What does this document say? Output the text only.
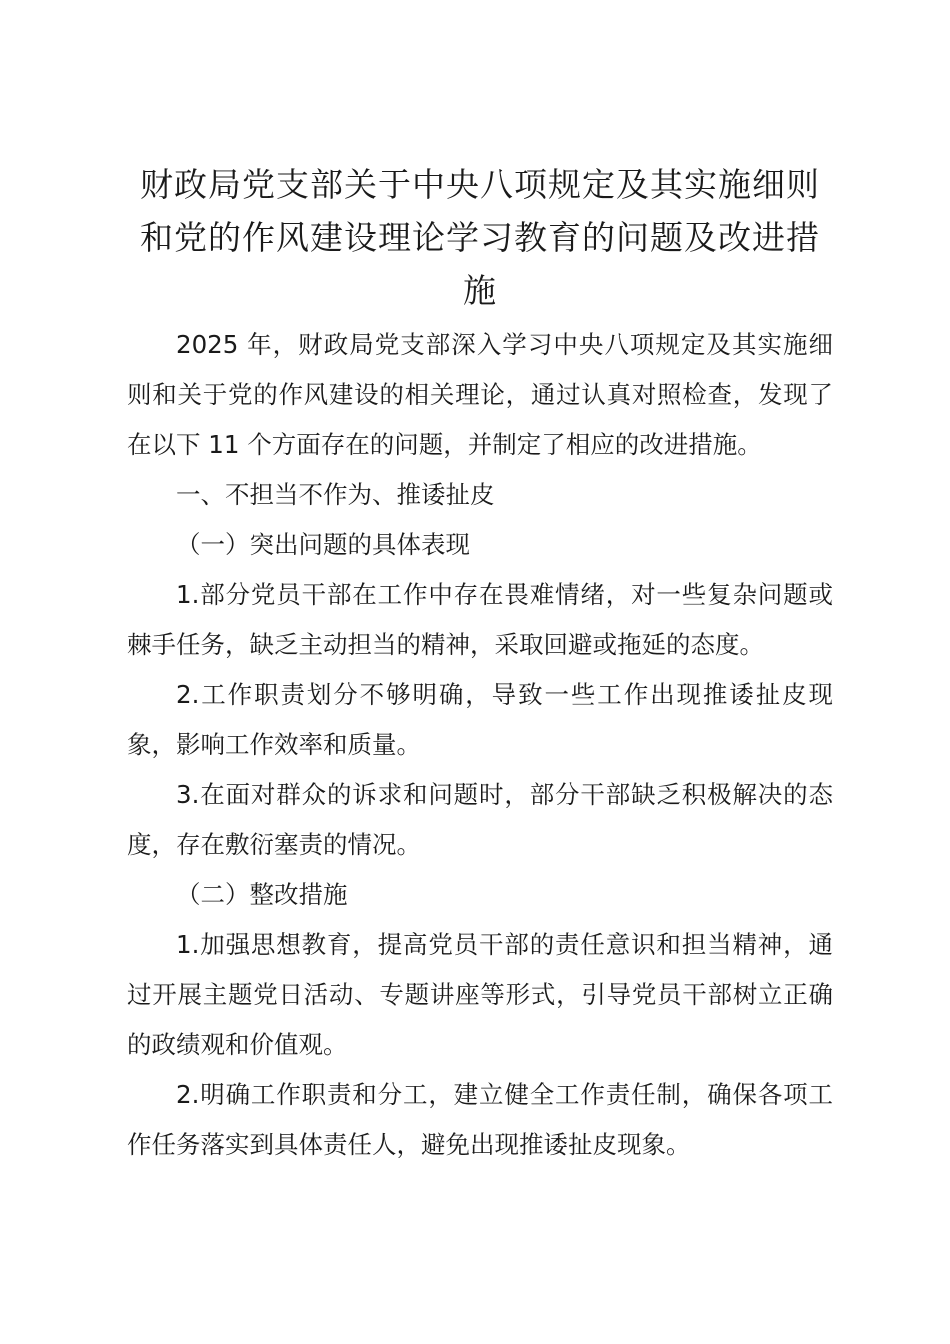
财政局党支部关于中央八项规定及其实施细则
和党的作风建设理论学习教育的问题及改进措
施

2025 年，财政局党支部深入学习中央八项规定及其实施细则和关于党的作风建设的相关理论，通过认真对照检查，发现了在以下 11 个方面存在的问题，并制定了相应的改进措施。

一、不担当不作为、推诿扯皮

（一）突出问题的具体表现

1.部分党员干部在工作中存在畏难情绪，对一些复杂问题或棘手任务，缺乏主动担当的精神，采取回避或拖延的态度。

2.工作职责划分不够明确，导致一些工作出现推诿扯皮现象，影响工作效率和质量。

3.在面对群众的诉求和问题时，部分干部缺乏积极解决的态度，存在敷衍塞责的情况。

（二）整改措施

1.加强思想教育，提高党员干部的责任意识和担当精神，通过开展主题党日活动、专题讲座等形式，引导党员干部树立正确的政绩观和价值观。

2.明确工作职责和分工，建立健全工作责任制，确保各项工作任务落实到具体责任人，避免出现推诿扯皮现象。
